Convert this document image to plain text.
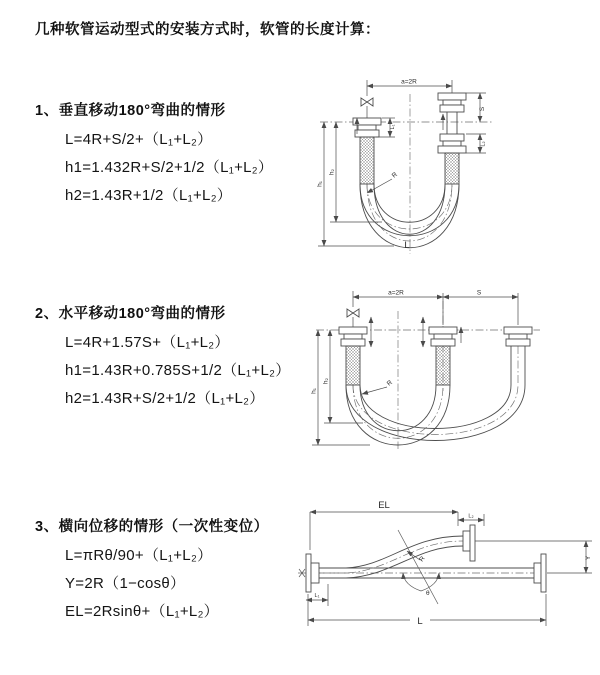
几种软管运动型式的安装方式时，软管的长度计算：
1、垂直移动180°弯曲的情形
L=4R+S/2+（L₁+L₂）
h1=1.432R+S/2+1/2（L₁+L₂）
h2=1.43R+1/2（L₁+L₂）
2、水平移动180°弯曲的情形
L=4R+1.57S+（L₁+L₂）
h1=1.43R+0.785S+1/2（L₁+L₂）
h2=1.43R+S/2+1/2（L₁+L₂）
3、横向位移的情形（一次性变位）
L=πRθ/90+（L₁+L₂）
Y=2R（1−cosθ）
EL=2Rsinθ+（L₁+L₂）
a=2R
S
L₂
L₁
h₁
h₂	R
L
a=2R	S
h₁
h₂	R
θ
R
EL
L₂
Y
L₁
L
